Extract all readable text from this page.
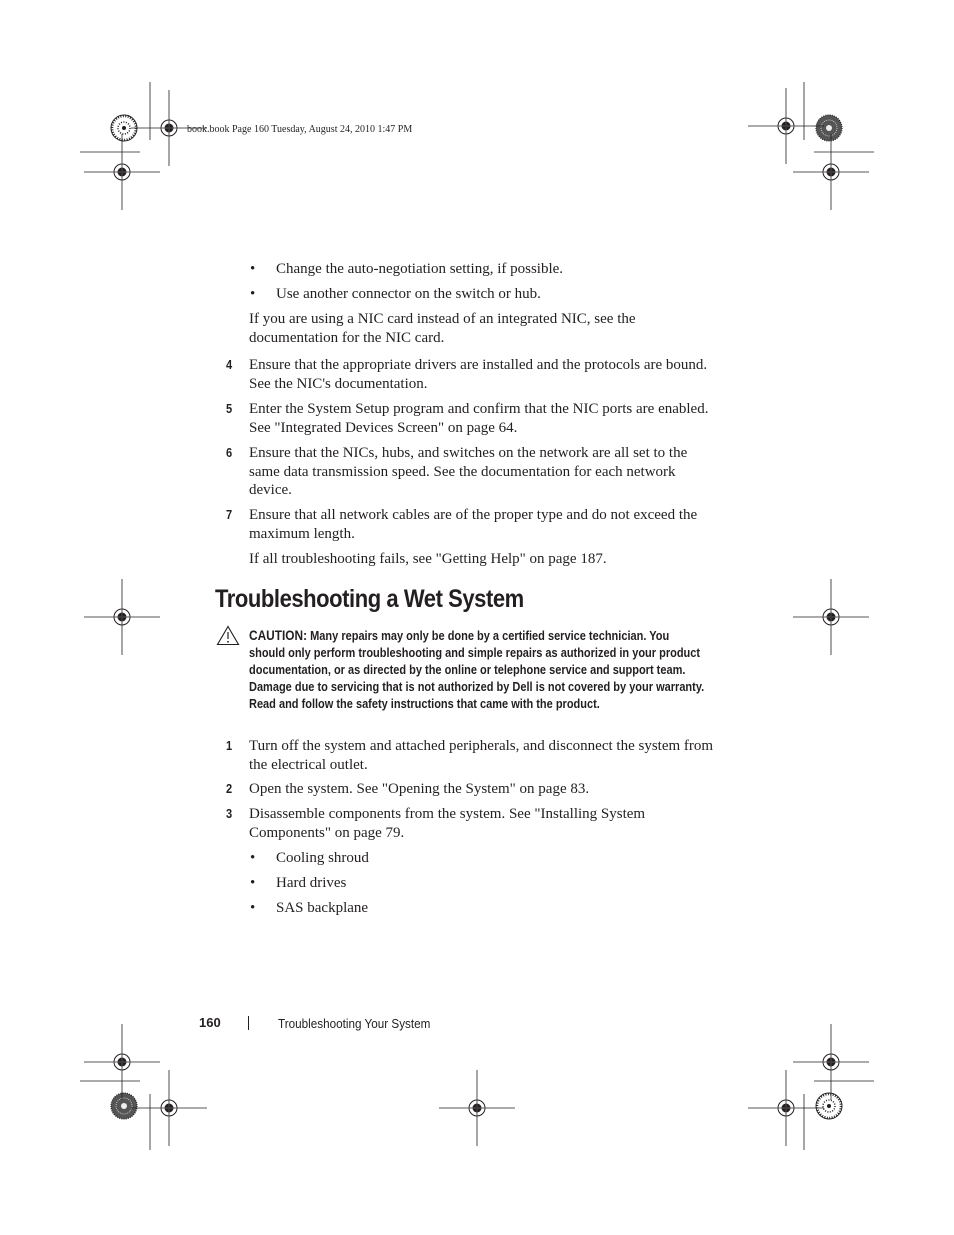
book.book Page 160 Tuesday, August 24, 2010 1:47 PM
• Change the auto-negotiation setting, if possible.
• Use another connector on the switch or hub.
If you are using a NIC card instead of an integrated NIC, see the documentation for the NIC card.
4 Ensure that the appropriate drivers are installed and the protocols are bound. See the NIC's documentation.
5 Enter the System Setup program and confirm that the NIC ports are enabled. See "Integrated Devices Screen" on page 64.
6 Ensure that the NICs, hubs, and switches on the network are all set to the same data transmission speed. See the documentation for each network device.
7 Ensure that all network cables are of the proper type and do not exceed the maximum length.
If all troubleshooting fails, see "Getting Help" on page 187.
Troubleshooting a Wet System
CAUTION: Many repairs may only be done by a certified service technician. You should only perform troubleshooting and simple repairs as authorized in your product documentation, or as directed by the online or telephone service and support team. Damage due to servicing that is not authorized by Dell is not covered by your warranty. Read and follow the safety instructions that came with the product.
1 Turn off the system and attached peripherals, and disconnect the system from the electrical outlet.
2 Open the system. See "Opening the System" on page 83.
3 Disassemble components from the system. See "Installing System Components" on page 79.
• Cooling shroud
• Hard drives
• SAS backplane
160	Troubleshooting Your System
